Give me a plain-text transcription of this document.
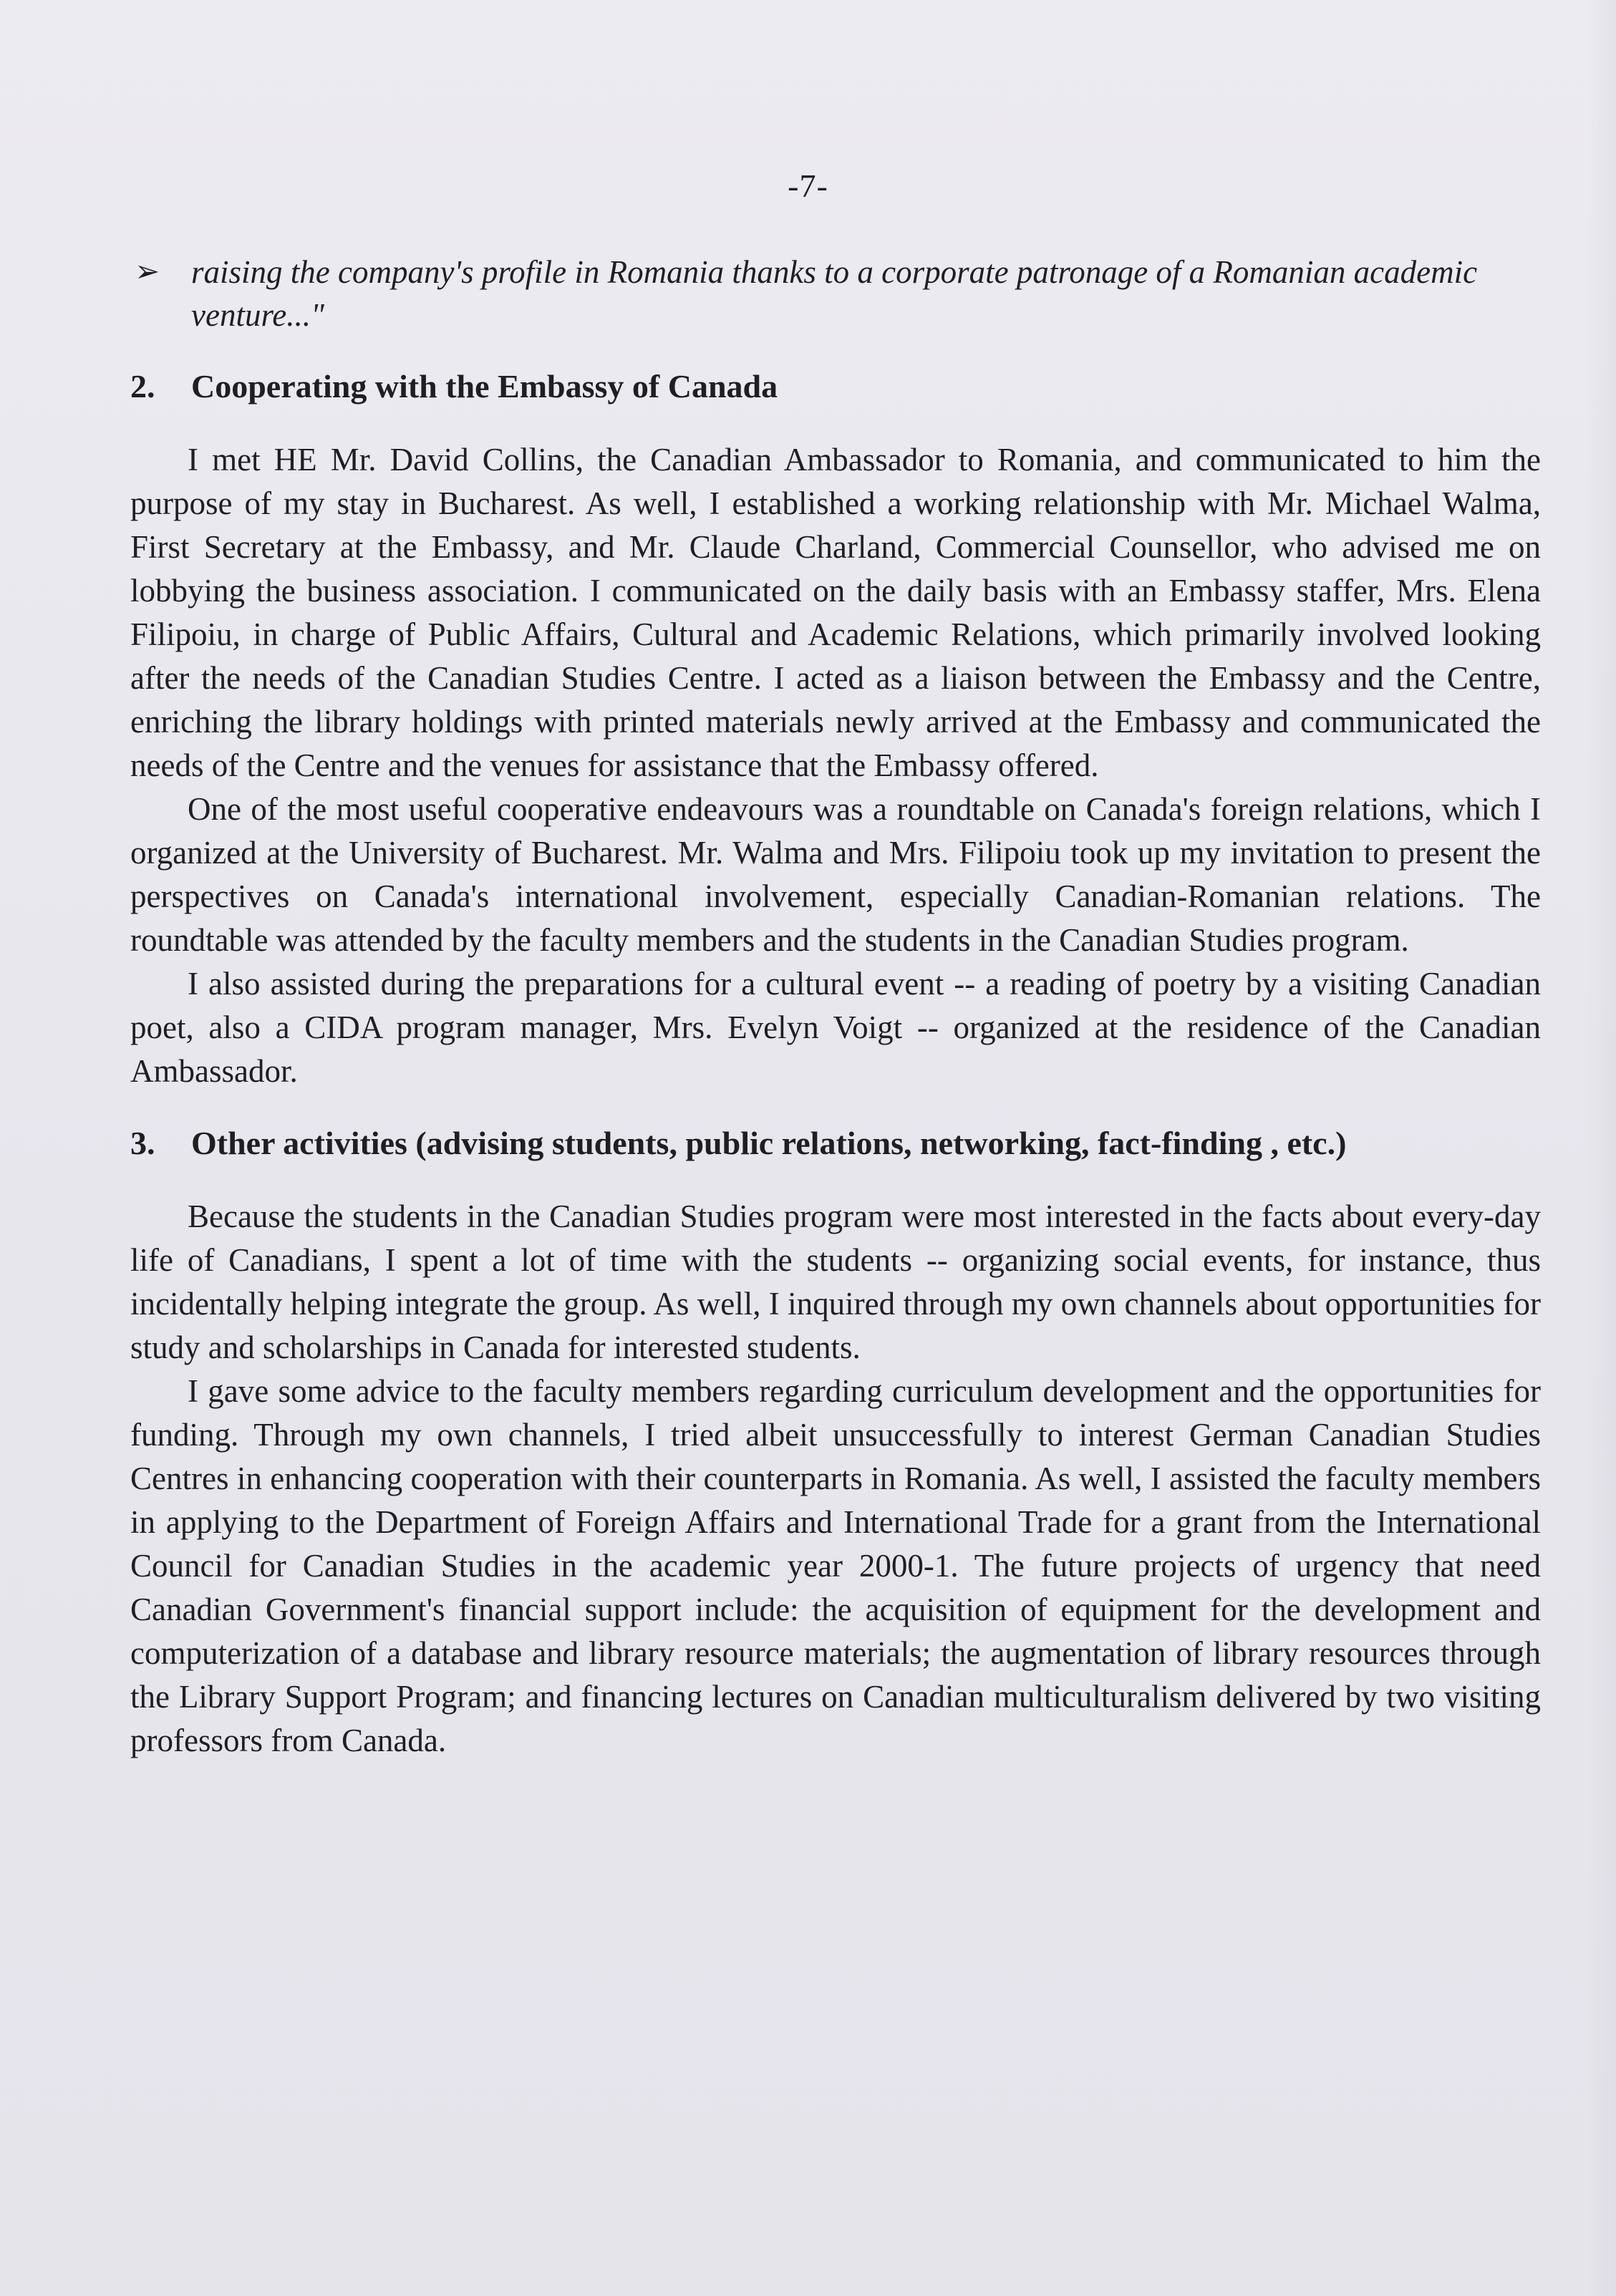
-7-
➢ raising the company's profile in Romania thanks to a corporate patronage of a Romanian academic venture..."
2.	Cooperating with the Embassy of Canada

I met HE Mr. David Collins, the Canadian Ambassador to Romania, and communicated to him the purpose of my stay in Bucharest. As well, I established a working relationship with Mr. Michael Walma, First Secretary at the Embassy, and Mr. Claude Charland, Commercial Counsellor, who advised me on lobbying the business association. I communicated on the daily basis with an Embassy staffer, Mrs. Elena Filipoiu, in charge of Public Affairs, Cultural and Academic Relations, which primarily involved looking after the needs of the Canadian Studies Centre. I acted as a liaison between the Embassy and the Centre, enriching the library holdings with printed materials newly arrived at the Embassy and communicated the needs of the Centre and the venues for assistance that the Embassy offered.

One of the most useful cooperative endeavours was a roundtable on Canada's foreign relations, which I organized at the University of Bucharest. Mr. Walma and Mrs. Filipoiu took up my invitation to present the perspectives on Canada's international involvement, especially Canadian-Romanian relations. The roundtable was attended by the faculty members and the students in the Canadian Studies program.

I also assisted during the preparations for a cultural event -- a reading of poetry by a visiting Canadian poet, also a CIDA program manager, Mrs. Evelyn Voigt -- organized at the residence of the Canadian Ambassador.

3.	Other activities (advising students, public relations, networking, fact-finding , etc.)

Because the students in the Canadian Studies program were most interested in the facts about every-day life of Canadians, I spent a lot of time with the students -- organizing social events, for instance, thus incidentally helping integrate the group. As well, I inquired through my own channels about opportunities for study and scholarships in Canada for interested students.

I gave some advice to the faculty members regarding curriculum development and the opportunities for funding. Through my own channels, I tried albeit unsuccessfully to interest German Canadian Studies Centres in enhancing cooperation with their counterparts in Romania. As well, I assisted the faculty members in applying to the Department of Foreign Affairs and International Trade for a grant from the International Council for Canadian Studies in the academic year 2000-1. The future projects of urgency that need Canadian Government's financial support include: the acquisition of equipment for the development and computerization of a database and library resource materials; the augmentation of library resources through the Library Support Program; and financing lectures on Canadian multiculturalism delivered by two visiting professors from Canada.
